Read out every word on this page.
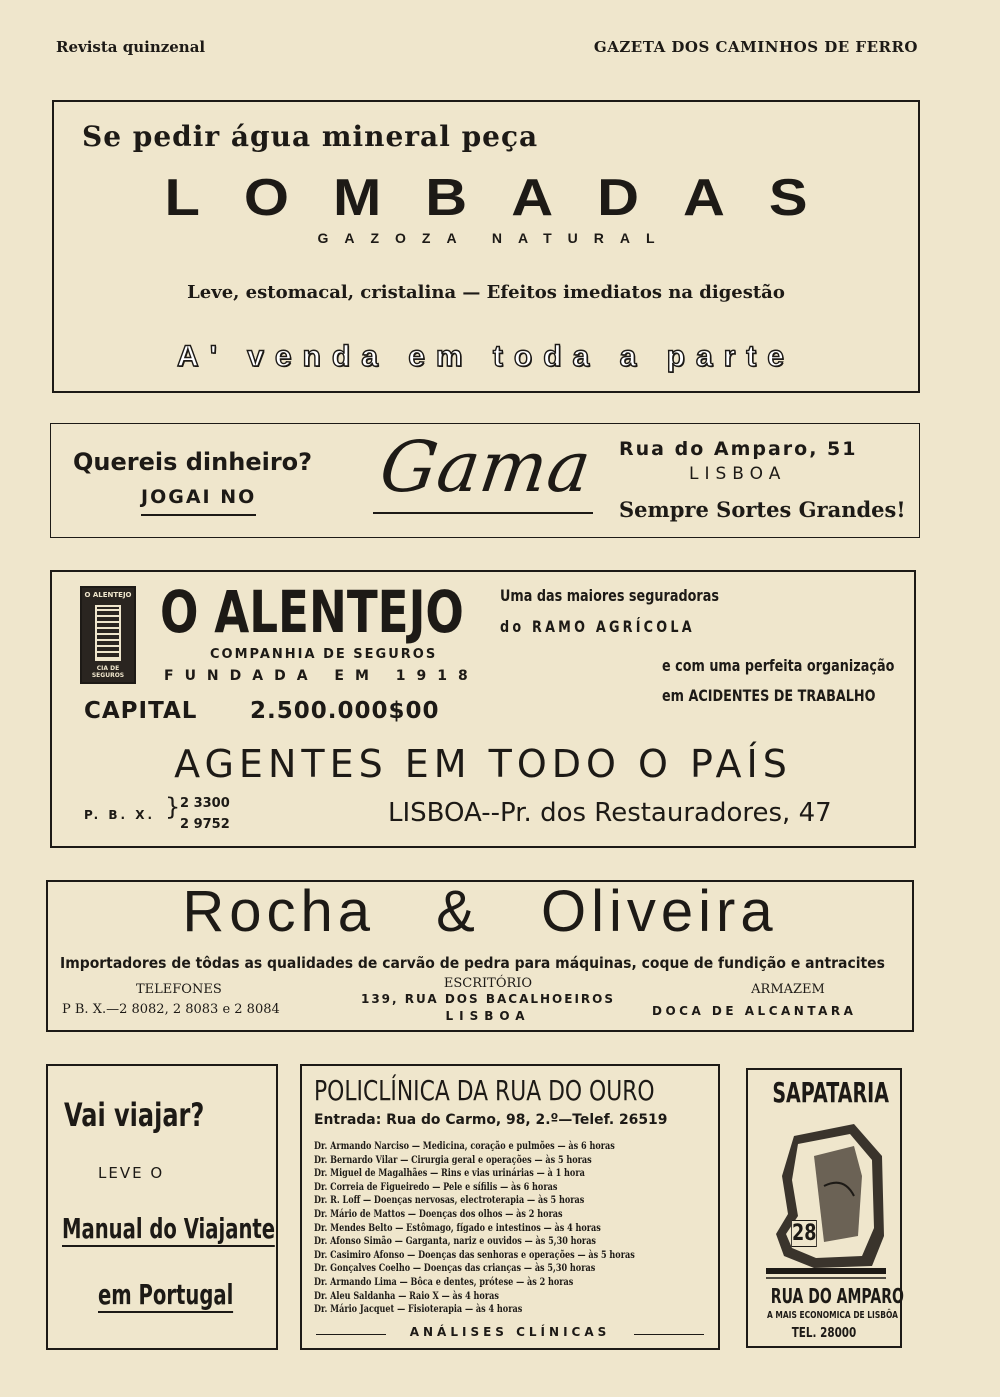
Revista quinzenal	GAZETA DOS CAMINHOS DE FERRO
Se pedir água mineral peça
LOMBADAS
GAZOZA NATURAL
Leve, estomacal, cristalina — Efeitos imediatos na digestão
A' venda em toda a parte
Quereis dinheiro?
JOGAI NO Gama Rua do Amparo, 51
LISBOA
Sempre Sortes Grandes!
O ALENTEJO
CIA DE SEGUROS
O ALENTEJO
COMPANHIA DE SEGUROS
FUNDADA EM 1918
CAPITAL 2.500.000$00
Uma das maiores seguradoras
do RAMO AGRÍCOLA
e com uma perfeita organização
em ACIDENTES DE TRABALHO
AGENTES EM TODO O PAÍS
P. B. X. } 2 3300
2 9752	LISBOA--Pr. dos Restauradores, 47
Rocha & Oliveira
Importadores de tôdas as qualidades de carvão de pedra para máquinas, coque de fundição e antracites
TELEFONES
P B. X.—2 8082, 2 8083 e 2 8084
ESCRITÓRIO
139, RUA DOS BACALHOEIROS
LISBOA
ARMAZEM
DOCA DE ALCANTARA
Vai viajar?
LEVE O
Manual do Viajante
em Portugal
POLICLÍNICA DA RUA DO OURO
Entrada: Rua do Carmo, 98, 2.º—Telef. 26519
Dr. Armando Narciso — Medicina, coração e pulmões — às 6 horas
Dr. Bernardo Vilar — Cirurgia geral e operações — às 5 horas
Dr. Miguel de Magalhães — Rins e vias urinárias — à 1 hora
Dr. Correia de Figueiredo — Pele e sífilis — às 6 horas
Dr. R. Loff — Doenças nervosas, electroterapia — às 5 horas
Dr. Mário de Mattos — Doenças dos olhos — às 2 horas
Dr. Mendes Belto — Estômago, fígado e intestinos — às 4 horas
Dr. Afonso Simão — Garganta, nariz e ouvidos — às 5,30 horas
Dr. Casimiro Afonso — Doenças das senhoras e operações — às 5 horas
Dr. Gonçalves Coelho — Doenças das crianças — às 5,30 horas
Dr. Armando Lima — Bôca e dentes, prótese — às 2 horas
Dr. Aleu Saldanha — Raio X — às 4 horas
Dr. Mário Jacquet — Fisioterapia — às 4 horas
ANÁLISES CLÍNICAS
SAPATARIA
28
RUA DO AMPARO
A MAIS ECONOMICA DE LISBÔA
TEL. 28000
